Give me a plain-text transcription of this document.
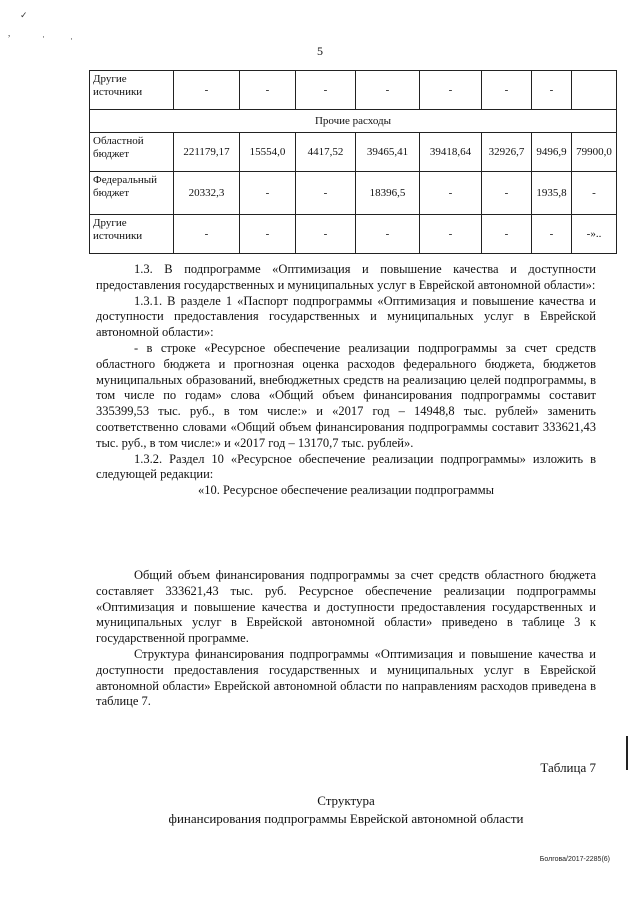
✓
,	·	·
5
Другие источники	-	-	-	-	-	-	-	
Прочие расходы								
Областной бюджет	221179,17	15554,0	4417,52	39465,41	39418,64	32926,7	9496,9	79900,0
Федеральный бюджет	20332,3	-	-	18396,5	-	-	1935,8	-
Другие источники	-	-	-	-	-	-	-	-»..

1.3. В подпрограмме «Оптимизация и повышение качества и доступности предоставления государственных и муниципальных услуг в Еврейской автономной области»:

1.3.1. В разделе 1 «Паспорт подпрограммы «Оптимизация и повышение качества и доступности предоставления государственных и муниципальных услуг в Еврейской автономной области»:

- в строке «Ресурсное обеспечение реализации подпрограммы за счет средств областного бюджета и прогнозная оценка расходов федерального бюджета, бюджетов муниципальных образований, внебюджетных средств на реализацию целей подпрограммы, в том числе по годам» слова «Общий объем финансирования подпрограммы составит 335399,53 тыс. руб., в том числе:» и «2017 год – 14948,8 тыс. рублей» заменить соответственно словами «Общий объем финансирования подпрограммы составит 333621,43 тыс. руб., в том числе:» и «2017 год – 13170,7 тыс. рублей».

1.3.2. Раздел 10 «Ресурсное обеспечение реализации подпрограммы» изложить в следующей редакции:

«10. Ресурсное обеспечение реализации подпрограммы

Общий объем финансирования подпрограммы за счет средств областного бюджета составляет 333621,43 тыс. руб. Ресурсное обеспечение реализации подпрограммы «Оптимизация и повышение качества и доступности предоставления государственных и муниципальных услуг в Еврейской автономной области» приведено в таблице 3 к государственной программе.

Структура финансирования подпрограммы «Оптимизация и повышение качества и доступности предоставления государственных и муниципальных услуг в Еврейской автономной области» Еврейской автономной области по направлениям расходов приведена в таблице 7.

Таблица 7
Структура
финансирования подпрограммы Еврейской автономной области
Болгова/2017-2285(6)
